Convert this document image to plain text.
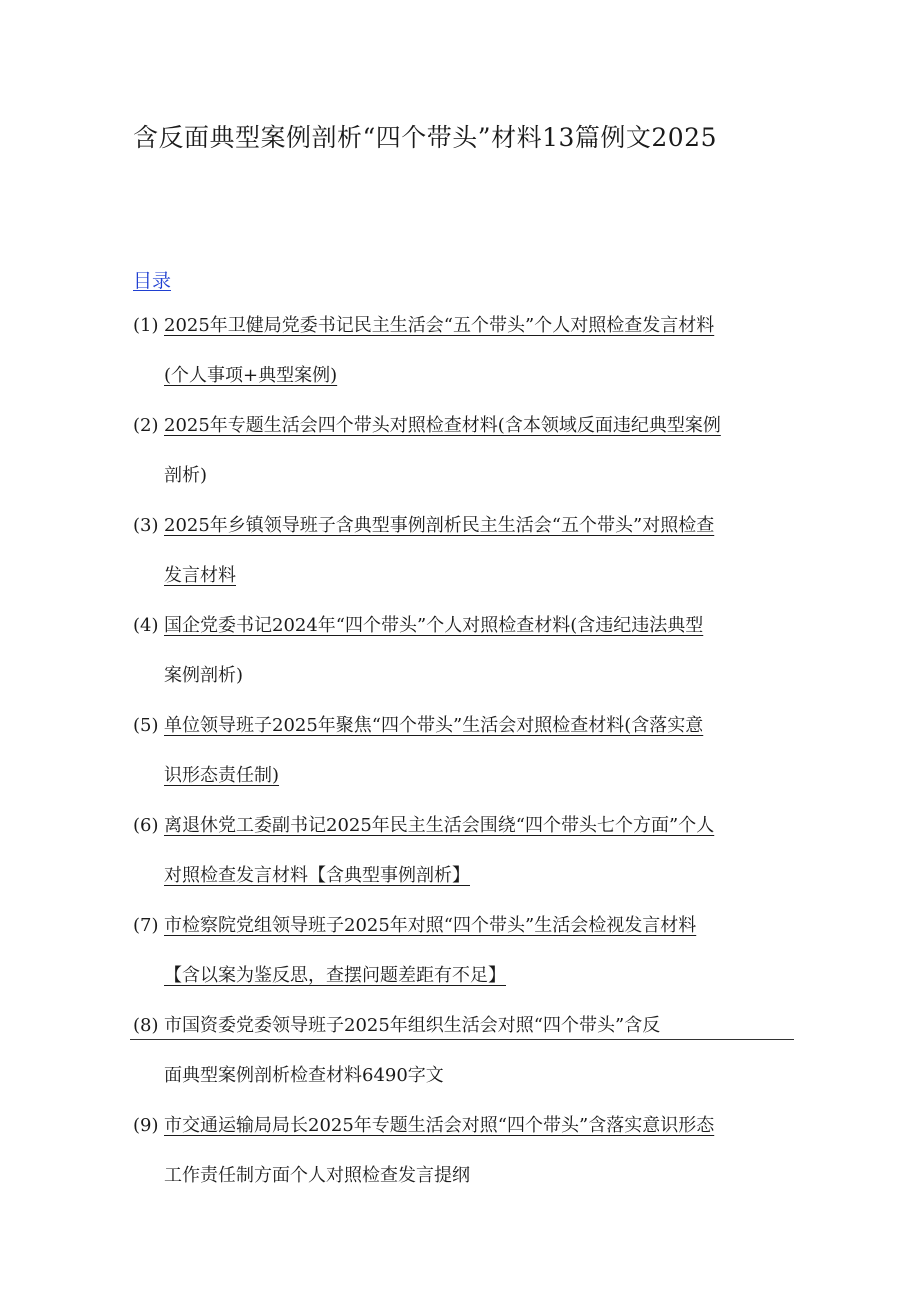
含反面典型案例剖析“四个带头”材料13篇例文2025
目录
(1) 2025年卫健局党委书记民主生活会“五个带头”个人对照检查发言材料
(个人事项+典型案例)
(2) 2025年专题生活会四个带头对照检查材料(含本领域反面违纪典型案例
剖析)
(3) 2025年乡镇领导班子含典型事例剖析民主生活会“五个带头”对照检查
发言材料
(4) 国企党委书记2024年“四个带头”个人对照检查材料(含违纪违法典型
案例剖析)
(5) 单位领导班子2025年聚焦“四个带头”生活会对照检查材料(含落实意
识形态责任制)
(6) 离退休党工委副书记2025年民主生活会围绕“四个带头七个方面”个人
对照检查发言材料【含典型事例剖析】
(7) 市检察院党组领导班子2025年对照“四个带头”生活会检视发言材料
【含以案为鉴反思，查摆问题差距有不足】
(8) 市国资委党委领导班子2025年组织生活会对照“四个带头”含反
面典型案例剖析检查材料6490字文
(9) 市交通运输局局长2025年专题生活会对照“四个带头”含落实意识形态
工作责任制方面个人对照检查发言提纲
